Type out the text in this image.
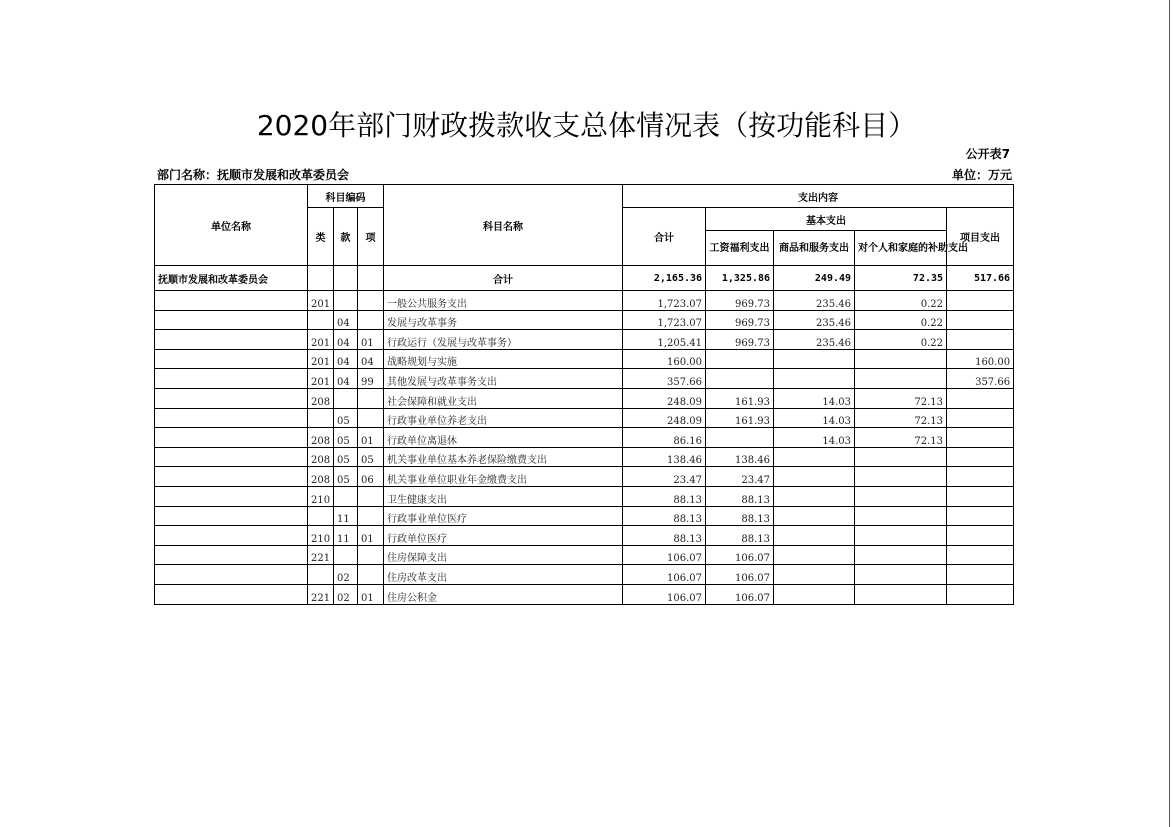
2020年部门财政拨款收支总体情况表（按功能科目）
公开表7
部门名称：抚顺市发展和改革委员会	单位：万元
单位名称	科目编码			科目名称	支出内容				
	类	款	项		合计	基本支出			项目支出
						工资福利支出	商品和服务支出	对个人和家庭的补助支出	
抚顺市发展和改革委员会				合计	2,165.36	1,325.86	249.49	72.35	517.66
	201			一般公共服务支出	1,723.07	969.73	235.46	0.22	
		04		发展与改革事务	1,723.07	969.73	235.46	0.22	
	201	04	01	行政运行（发展与改革事务）	1,205.41	969.73	235.46	0.22	
	201	04	04	战略规划与实施	160.00				160.00
	201	04	99	其他发展与改革事务支出	357.66				357.66
	208			社会保障和就业支出	248.09	161.93	14.03	72.13	
		05		行政事业单位养老支出	248.09	161.93	14.03	72.13	
	208	05	01	行政单位离退休	86.16		14.03	72.13	
	208	05	05	机关事业单位基本养老保险缴费支出	138.46	138.46			
	208	05	06	机关事业单位职业年金缴费支出	23.47	23.47			
	210			卫生健康支出	88.13	88.13			
		11		行政事业单位医疗	88.13	88.13			
	210	11	01	行政单位医疗	88.13	88.13			
	221			住房保障支出	106.07	106.07			
		02		住房改革支出	106.07	106.07			
	221	02	01	住房公积金	106.07	106.07			
